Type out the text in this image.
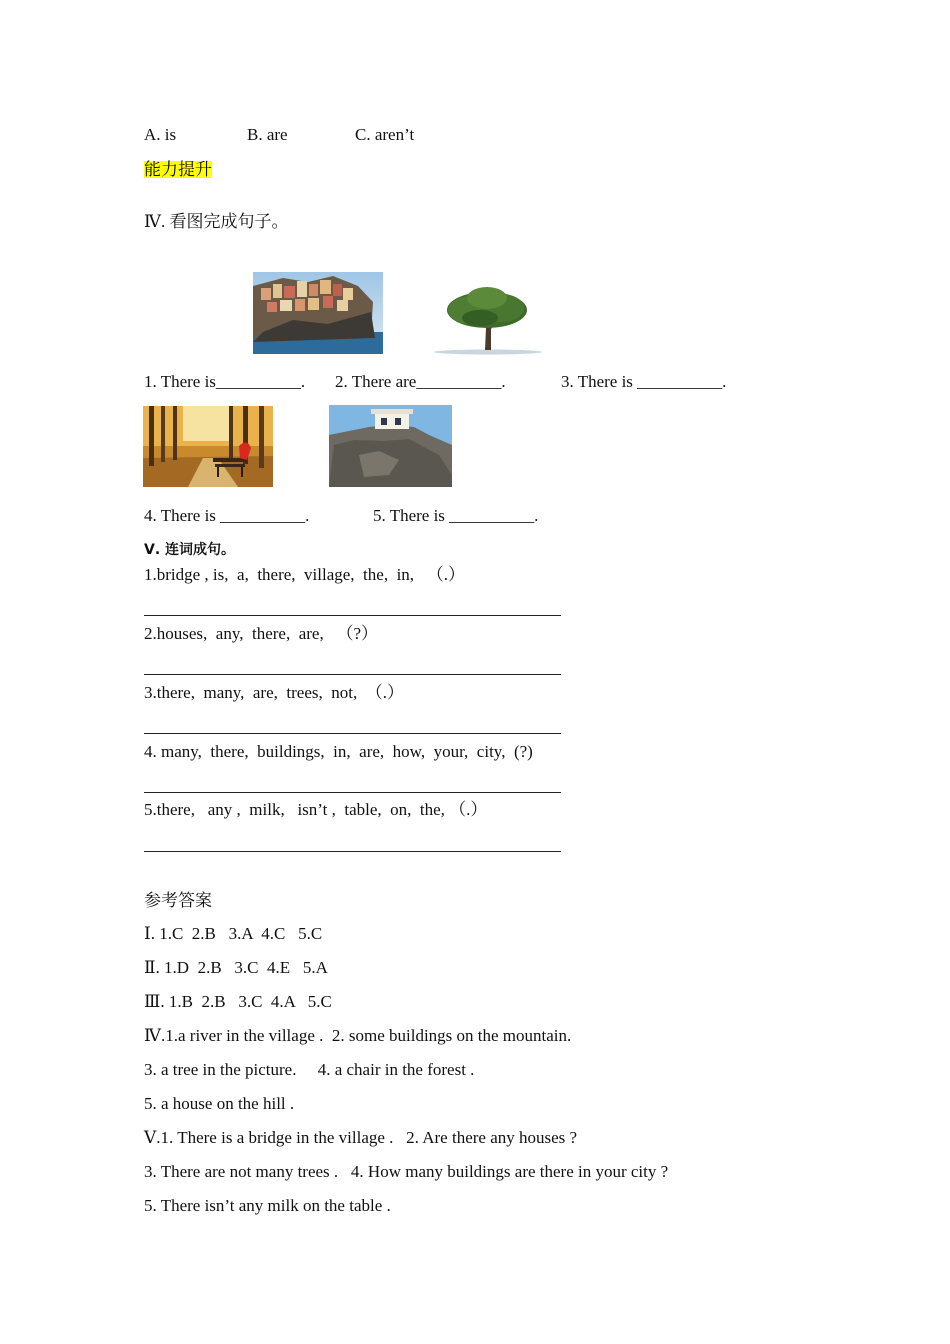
A. is	B. are	C. aren’t
能力提升
Ⅳ. 看图完成句子。
1. There is__________. 2. There are__________.	3. There is __________.
4. There is __________.	5. There is __________.
Ⅴ. 连词成句。
1.bridge , is,  a,  there,  village,  the,  in,   （.）
2.houses,  any,  there,  are,   （?）
3.there,  many,  are,  trees,  not,  （.）
4. many,  there,  buildings,  in,  are,  how,  your,  city,  (?)
5.there,   any ,  milk,   isn’t ,  table,  on,  the, （.）
参考答案
Ⅰ. 1.C  2.B   3.A  4.C   5.C
Ⅱ. 1.D  2.B   3.C  4.E   5.A
Ⅲ. 1.B  2.B   3.C  4.A   5.C
Ⅳ.1.a river in the village .  2. some buildings on the mountain.
3. a tree in the picture.     4. a chair in the forest .
5. a house on the hill .
Ⅴ.1. There is a bridge in the village .   2. Are there any houses ?
3. There are not many trees .   4. How many buildings are there in your city ?
5. There isn’t any milk on the table .
